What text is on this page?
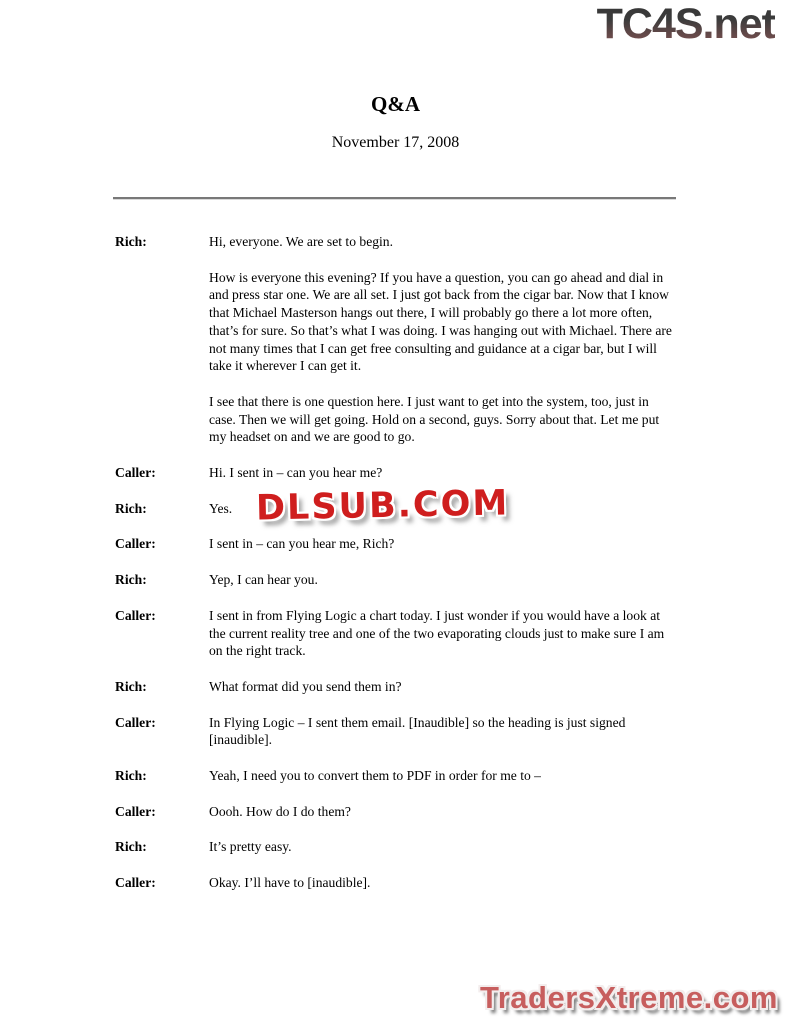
TC4S.net
Q&A
November 17, 2008
Rich:	Hi, everyone. We are set to begin.
How is everyone this evening? If you have a question, you can go ahead and dial in and press star one. We are all set. I just got back from the cigar bar. Now that I know that Michael Masterson hangs out there, I will probably go there a lot more often, that’s for sure. So that’s what I was doing. I was hanging out with Michael. There are not many times that I can get free consulting and guidance at a cigar bar, but I will take it wherever I can get it.
I see that there is one question here. I just want to get into the system, too, just in case. Then we will get going. Hold on a second, guys. Sorry about that. Let me put my headset on and we are good to go.
Caller:	Hi. I sent in – can you hear me?
Rich:	Yes.
Caller:	I sent in – can you hear me, Rich?
Rich:	Yep, I can hear you.
Caller:	I sent in from Flying Logic a chart today. I just wonder if you would have a look at the current reality tree and one of the two evaporating clouds just to make sure I am on the right track.
Rich:	What format did you send them in?
Caller:	In Flying Logic – I sent them email. [Inaudible] so the heading is just signed [inaudible].
Rich:	Yeah, I need you to convert them to PDF in order for me to –
Caller:	Oooh. How do I do them?
Rich:	It’s pretty easy.
Caller:	Okay. I’ll have to [inaudible].
DLSUB.COM
TradersXtreme.com
